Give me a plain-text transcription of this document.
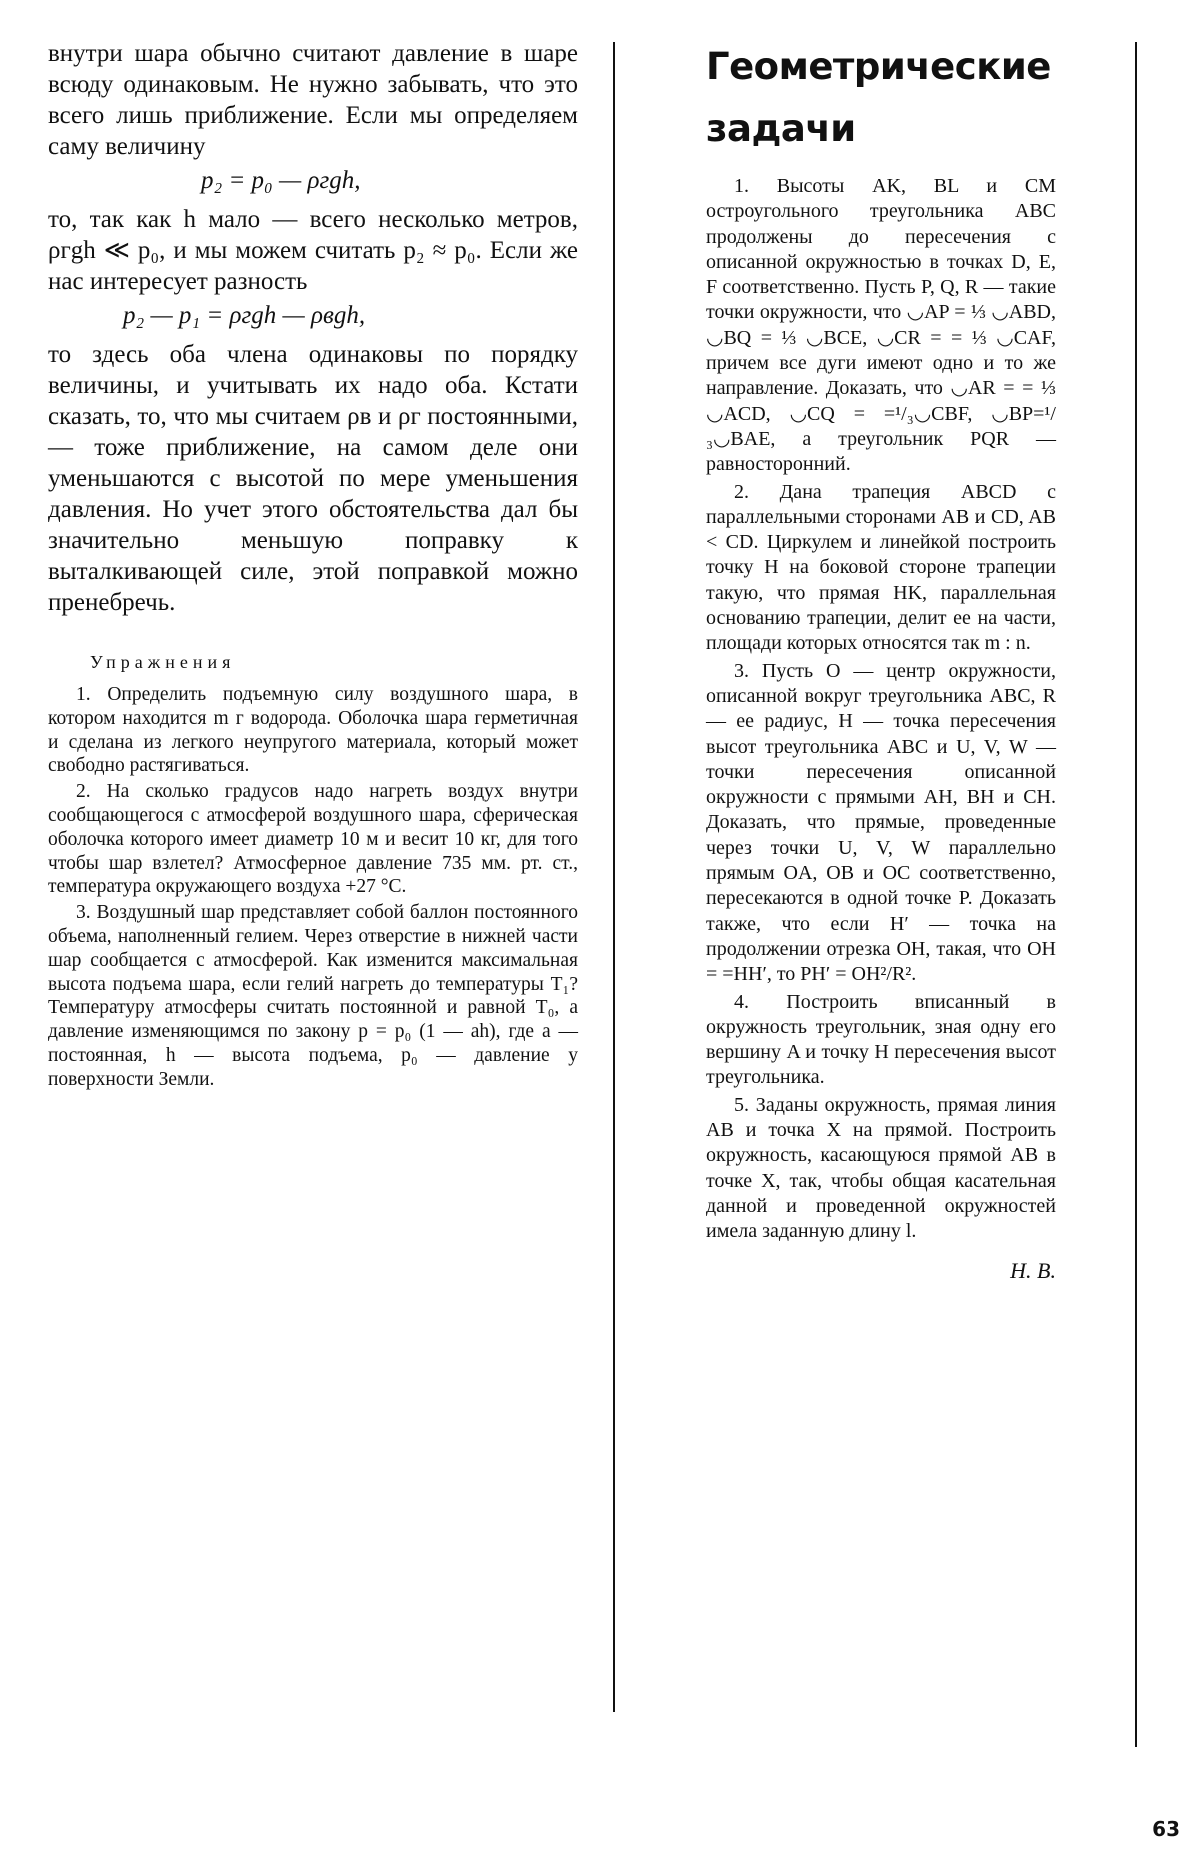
внутри шара обычно считают давление в шаре всюду одинаковым. Не нужно забывать, что это всего лишь приближение. Если мы определяем саму величину

p₂ = p₀ — ρгgh,

то, так как h мало — всего несколько метров, ρгgh ≪ p₀, и мы можем считать p₂ ≈ p₀. Если же нас интересует разность

p₂ — p₁ = ρгgh — ρвgh,

то здесь оба члена одинаковы по порядку величины, и учитывать их надо оба. Кстати сказать, то, что мы считаем ρв и ρг постоянными,— тоже приближение, на самом деле они уменьшаются с высотой по мере уменьшения давления. Но учет этого обстоятельства дал бы значительно меньшую поправку к выталкивающей силе, этой поправкой можно пренебречь.

Упражнения

1. Определить подъемную силу воздушного шара, в котором находится m г водорода. Оболочка шара герметичная и сделана из легкого неупругого материала, который может свободно растягиваться.

2. На сколько градусов надо нагреть воздух внутри сообщающегося с атмосферой воздушного шара, сферическая оболочка которого имеет диаметр 10 м и весит 10 кг, для того чтобы шар взлетел? Атмосферное давление 735 мм. рт. ст., температура окружающего воздуха +27 °С.

3. Воздушный шар представляет собой баллон постоянного объема, наполненный гелием. Через отверстие в нижней части шар сообщается с атмосферой. Как изменится максимальная высота подъема шара, если гелий нагреть до температуры T₁? Температуру атмосферы считать постоянной и равной T₀, а давление изменяющимся по закону p = p₀ (1 — ah), где a — постоянная, h — высота подъема, p₀ — давление у поверхности Земли.

Геометрические
задачи

1. Высоты AK, BL и CM остроугольного треугольника ABC продолжены до пересечения с описанной окружностью в точках D, E, F соответственно. Пусть P, Q, R — такие точки окружности, что ◡AP = ⅓ ◡ABD, ◡BQ = ⅓ ◡BCE, ◡CR = = ⅓ ◡CAF, причем все дуги имеют одно и то же направление. Доказать, что ◡AR = = ⅓ ◡ACD, ◡CQ = =¹/₃◡CBF, ◡BP=¹/₃◡BAE, а треугольник PQR — равносторонний.

2. Дана трапеция ABCD с параллельными сторонами AB и CD, AB < CD. Циркулем и линейкой построить точку H на боковой стороне трапеции такую, что прямая HK, параллельная основанию трапеции, делит ее на части, площади которых относятся так m : n.

3. Пусть O — центр окружности, описанной вокруг треугольника ABC, R — ее радиус, H — точка пересечения высот треугольника ABC и U, V, W — точки пересечения описанной окружности с прямыми AH, BH и CH. Доказать, что прямые, проведенные через точки U, V, W параллельно прямым OA, OB и OC соответственно, пересекаются в одной точке P. Доказать также, что если H′ — точка на продолжении отрезка OH, такая, что OH = =HH′, то PH′ = OH²/R².

4. Построить вписанный в окружность треугольник, зная одну его вершину A и точку H пересечения высот треугольника.

5. Заданы окружность, прямая линия AB и точка X на прямой. Построить окружность, касающуюся прямой AB в точке X, так, чтобы общая касательная данной и проведенной окружностей имела заданную длину l.

Н. В.
63
